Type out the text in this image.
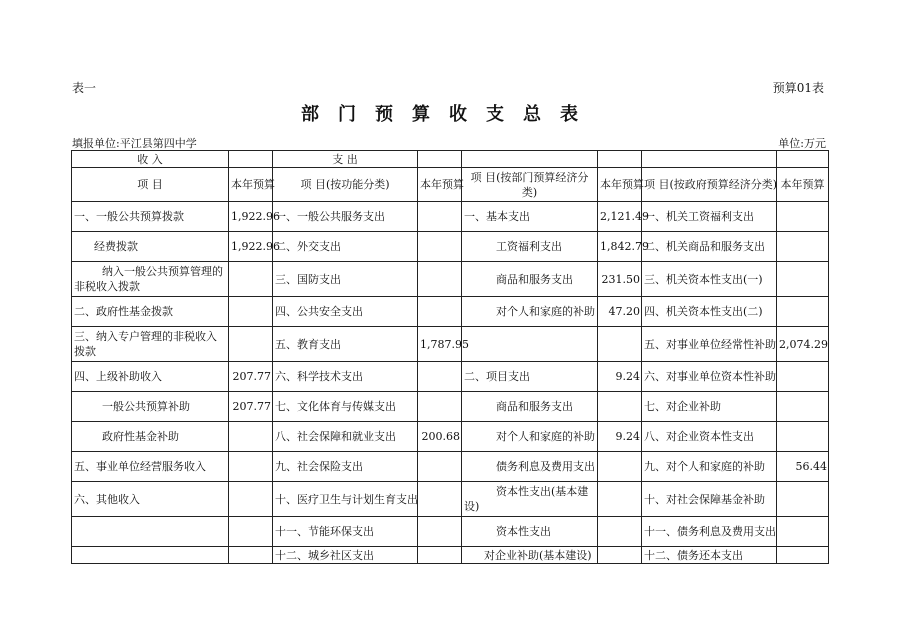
表一	预算01表
部门预算收支总表
填报单位:平江县第四中学	单位:万元
收 入		支 出					
项 目	本年预算	项 目(按功能分类)	本年预算	项 目(按部门预算经济分类)	本年预算	项 目(按政府预算经济分类)	本年预算
一、一般公共预算拨款	1,922.96	一、一般公共服务支出		一、基本支出	2,121.49	一、机关工资福利支出	
经费拨款	1,922.96	二、外交支出		工资福利支出	1,842.79	二、机关商品和服务支出	
纳入一般公共预算管理的非税收入拨款		三、国防支出		商品和服务支出	231.50	三、机关资本性支出(一)	
二、政府性基金拨款		四、公共安全支出		对个人和家庭的补助	47.20	四、机关资本性支出(二)	
三、纳入专户管理的非税收入拨款		五、教育支出	1,787.95			五、对事业单位经常性补助	2,074.29
四、上级补助收入	207.77	六、科学技术支出		二、项目支出	9.24	六、对事业单位资本性补助	
一般公共预算补助	207.77	七、文化体育与传媒支出		商品和服务支出		七、对企业补助	
政府性基金补助		八、社会保障和就业支出	200.68	对个人和家庭的补助	9.24	八、对企业资本性支出	
五、事业单位经营服务收入		九、社会保险支出		债务利息及费用支出		九、对个人和家庭的补助	56.44
六、其他收入		十、医疗卫生与计划生育支出		资本性支出(基本建设)		十、对社会保障基金补助	
		十一、节能环保支出		资本性支出		十一、债务利息及费用支出	
		十二、城乡社区支出		对企业补助(基本建设)		十二、债务还本支出	
